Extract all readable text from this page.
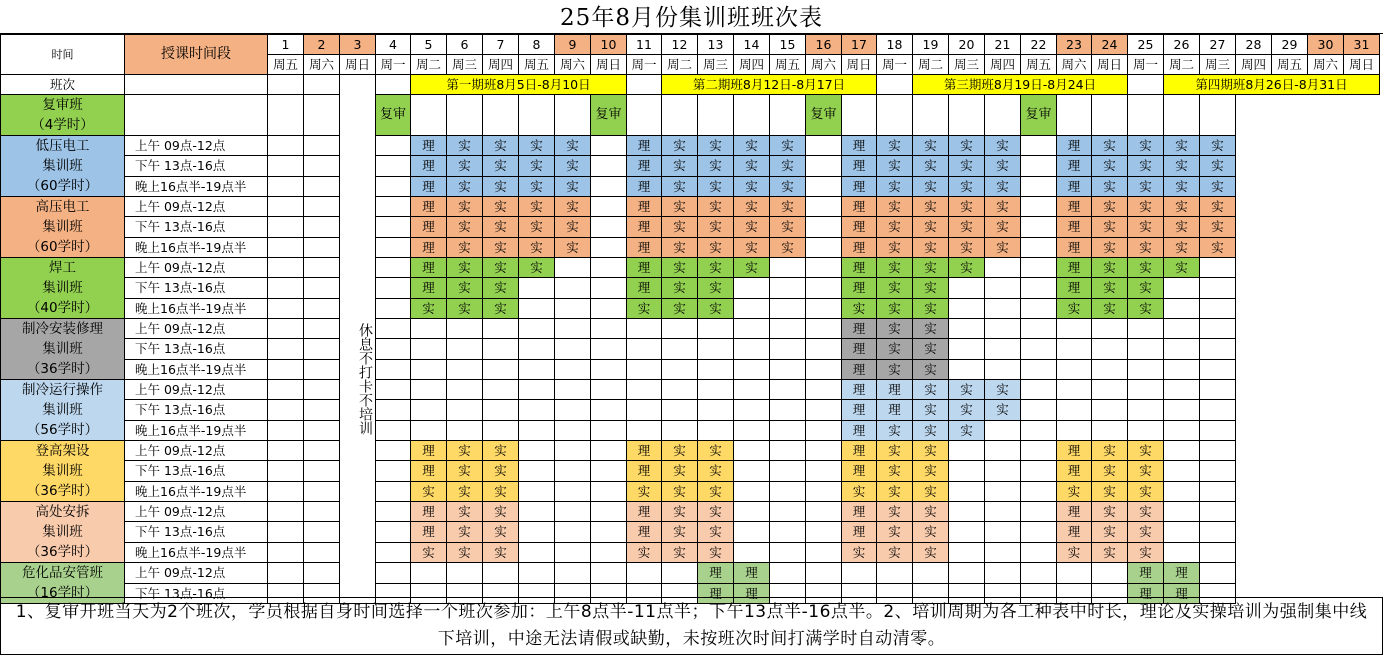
25年8月份集训班班次表
时间	授课时间段	1	2	3	4	5	6	7	8	9	10	11	12	13	14	15	16	17	18	19	20	21	22	23	24	25	26	27	28	29	30	31
		周五	周六	周日	周一	周二	周三	周四	周五	周六	周日	周一	周二	周三	周四	周五	周六	周日	周一	周二	周三	周四	周五	周六	周日	周一	周二	周三	周四	周五	周六	周日
班次				休息不打卡不培训		第一期班8月5日-8月10日							第二期班8月12日-8月17日							第三期班8月19日-8月24日							第四期班8月26日-8月31日					

复审班
（4学时）					复审						复审						复审						复审									

低压电工
集训班
（60学时）	上午 09点-12点					理	实	实	实	实		理	实	实	实	实		理	实	实	实	实		理	实	实	实	实				
	下午 13点-16点					理	实	实	实	实		理	实	实	实	实		理	实	实	实	实		理	实	实	实	实				
	晚上16点半-19点半					理	实	实	实	实		理	实	实	实	实		理	实	实	实	实		理	实	实	实	实				

高压电工
集训班
（60学时）	上午 09点-12点					理	实	实	实	实		理	实	实	实	实		理	实	实	实	实		理	实	实	实	实				
	下午 13点-16点					理	实	实	实	实		理	实	实	实	实		理	实	实	实	实		理	实	实	实	实				
	晚上16点半-19点半					理	实	实	实	实		理	实	实	实	实		理	实	实	实	实		理	实	实	实	实				

焊工
集训班
（40学时）	上午 09点-12点					理	实	实	实			理	实	实	实			理	实	实	实			理	实	实	实					
	下午 13点-16点					理	实	实				理	实	实				理	实	实				理	实	实						
	晚上16点半-19点半					实	实	实				实	实	实				实	实	实				实	实	实						

制冷安装修理
集训班
（36学时）	上午 09点-12点																	理	实	实												
	下午 13点-16点																	理	实	实												
	晚上16点半-19点半																	理	实	实												

制冷运行操作
集训班
（56学时）	上午 09点-12点																	理	理	实	实	实										
	下午 13点-16点																	理	理	实	实	实										
	晚上16点半-19点半																	理	实	实	实											

登高架设
集训班
（36学时）	上午 09点-12点					理	实	实				理	实	实				理	实	实				理	实	实						
	下午 13点-16点					理	实	实				理	实	实				理	实	实				理	实	实						
	晚上16点半-19点半					实	实	实				实	实	实				实	实	实				实	实	实						

高处安拆
集训班
（36学时）	上午 09点-12点					理	实	实				理	实	实				理	实	实				理	实	实						
	下午 13点-16点					理	实	实				理	实	实				理	实	实				理	实	实						
	晚上16点半-19点半					实	实	实				实	实	实				实	实	实				实	实	实						

危化品安管班
（16学时）	上午 09点-12点													理	理											理	理					
	下午 13点-16点													理	理											理	理					
1、复审开班当天为2个班次，学员根据自身时间选择一个班次参加：上午8点半-11点半；下午13点半-16点半。2、培训周期为各工种表中时长，理论及实操培训为强制集中线下培训，中途无法请假或缺勤，未按班次时间打满学时自动清零。
